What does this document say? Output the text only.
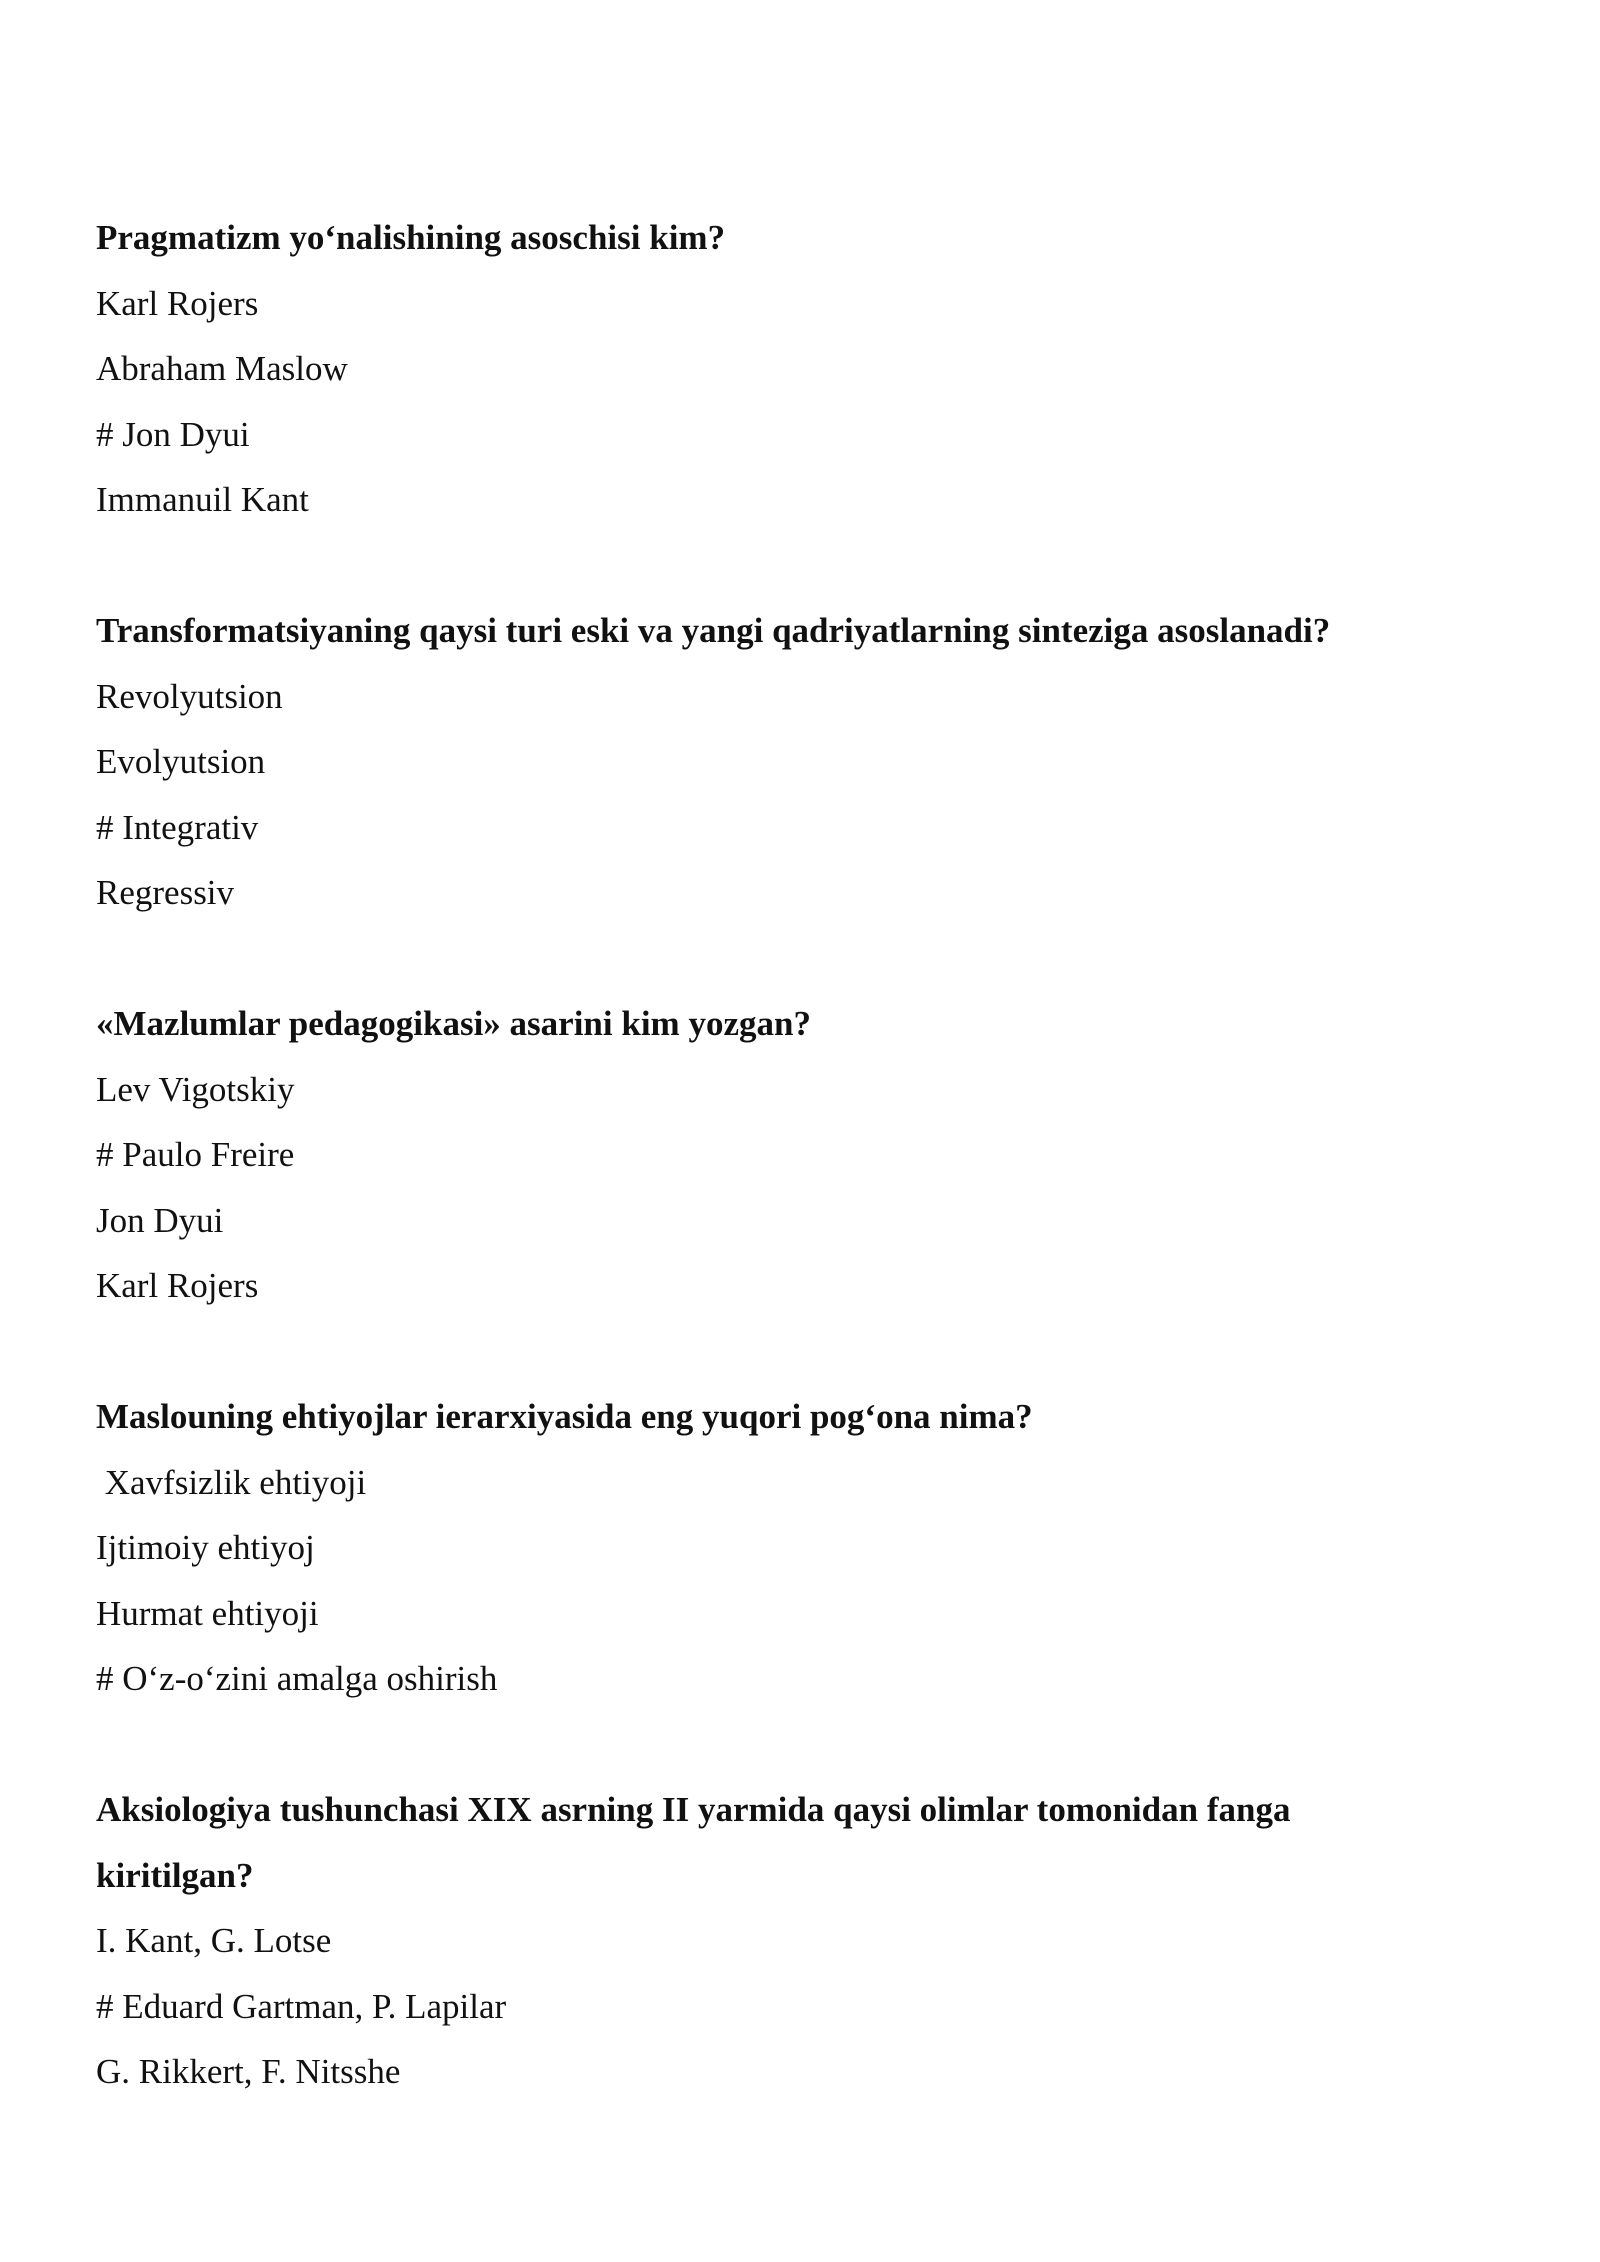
Pragmatizm yo‘nalishining asoschisi kim?
Karl Rojers
Abraham Maslow
# Jon Dyui
Immanuil Kant
Transformatsiyaning qaysi turi eski va yangi qadriyatlarning sinteziga asoslanadi?
Revolyutsion
Evolyutsion
# Integrativ
Regressiv
«Mazlumlar pedagogikasi» asarini kim yozgan?
Lev Vigotskiy
# Paulo Freire
Jon Dyui
Karl Rojers
Maslouning ehtiyojlar ierarxiyasida eng yuqori pog‘ona nima?
Xavfsizlik ehtiyoji
Ijtimoiy ehtiyoj
Hurmat ehtiyoji
# O‘z-o‘zini amalga oshirish
Aksiologiya tushunchasi XIX asrning II yarmida qaysi olimlar tomonidan fanga kiritilgan?
I. Kant, G. Lotse
# Eduard Gartman, P. Lapilar
G. Rikkert, F. Nitsshe
